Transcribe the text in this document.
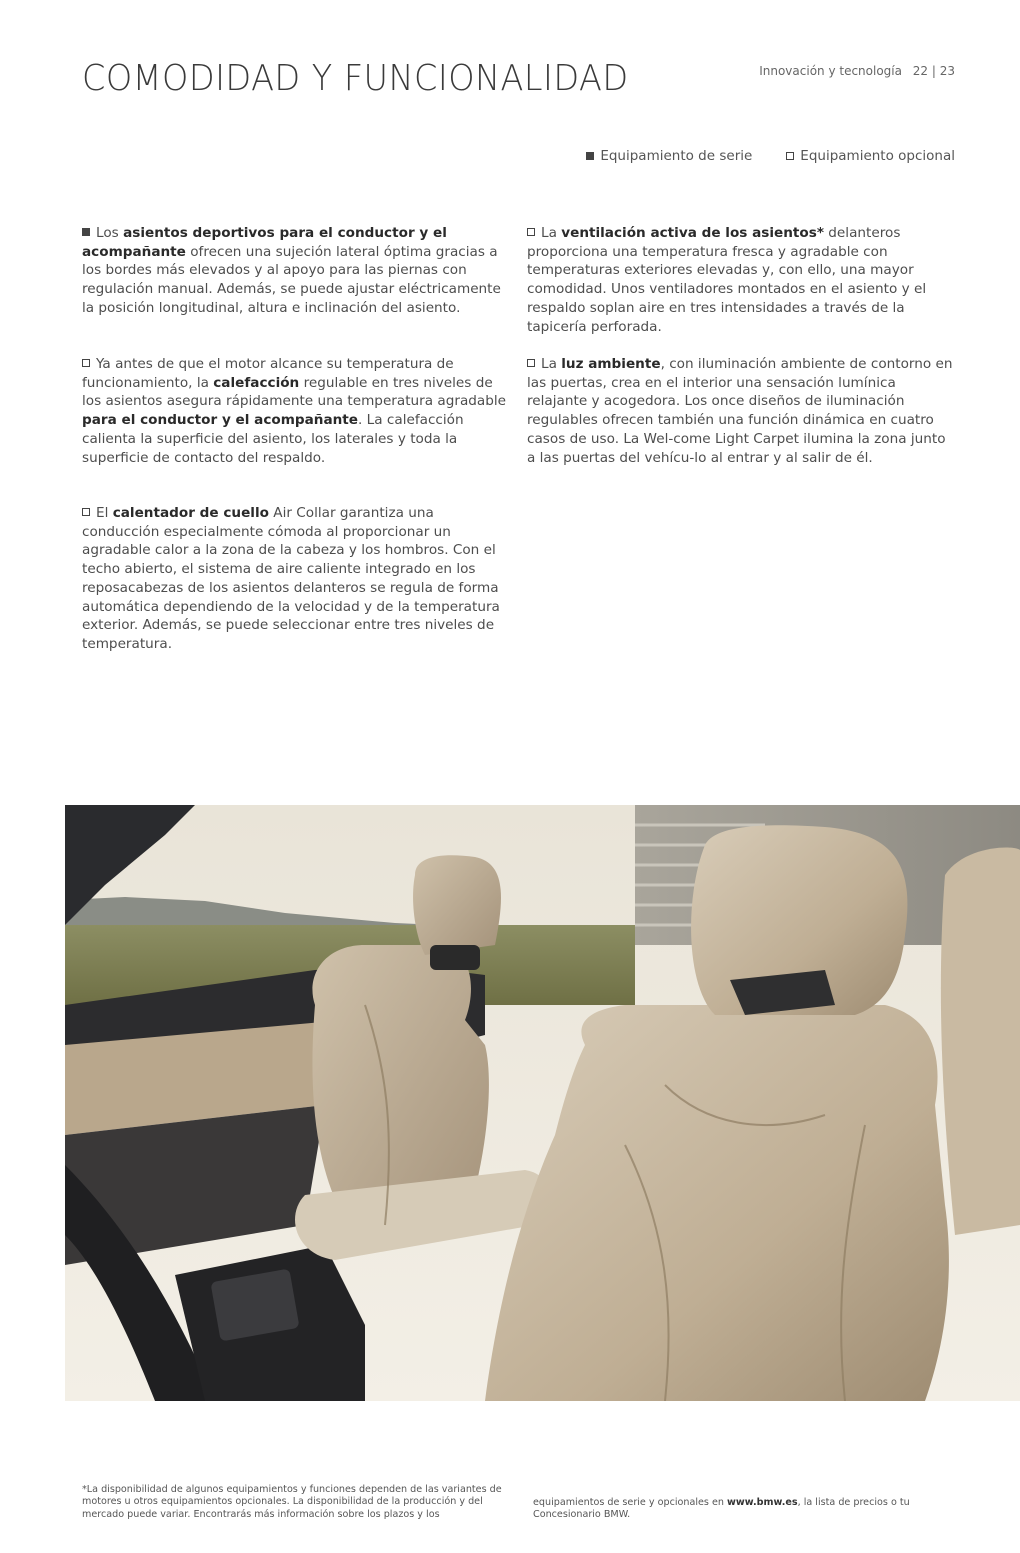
COMODIDAD Y FUNCIONALIDAD	Innovación y tecnología 22 | 23
Equipamiento de serie	Equipamiento opcional

Los asientos deportivos para el conductor y el acompañante ofrecen una sujeción lateral óptima gracias a los bordes más elevados y al apoyo para las piernas con regulación manual. Además, se puede ajustar eléctricamente la posición longitudinal, altura e inclinación del asiento.

Ya antes de que el motor alcance su temperatura de funcionamiento, la calefacción regulable en tres niveles de los asientos asegura rápidamente una temperatura agradable para el conductor y el acompañante. La calefacción calienta la superficie del asiento, los laterales y toda la superficie de contacto del respaldo.

El calentador de cuello Air Collar garantiza una conducción especialmente cómoda al proporcionar un agradable calor a la zona de la cabeza y los hombros. Con el techo abierto, el sistema de aire caliente integrado en los reposacabezas de los asientos delanteros se regula de forma automática dependiendo de la velocidad y de la temperatura exterior. Además, se puede seleccionar entre tres niveles de temperatura.

La ventilación activa de los asientos* delanteros proporciona una temperatura fresca y agradable con temperaturas exteriores elevadas y, con ello, una mayor comodidad. Unos ventiladores montados en el asiento y el respaldo soplan aire en tres intensidades a través de la tapicería perforada.

La luz ambiente, con iluminación ambiente de contorno en las puertas, crea en el interior una sensación lumínica relajante y acogedora. Los once diseños de iluminación regulables ofrecen también una función dinámica en cuatro casos de uso. La Wel-come Light Carpet ilumina la zona junto a las puertas del vehícu-lo al entrar y al salir de él.

*La disponibilidad de algunos equipamientos y funciones dependen de las variantes de motores u otros equipamientos opcionales. La disponibilidad de la producción y del mercado puede variar. Encontrarás más información sobre los plazos y los

equipamientos de serie y opcionales en www.bmw.es, la lista de precios o tu Concesionario BMW.
